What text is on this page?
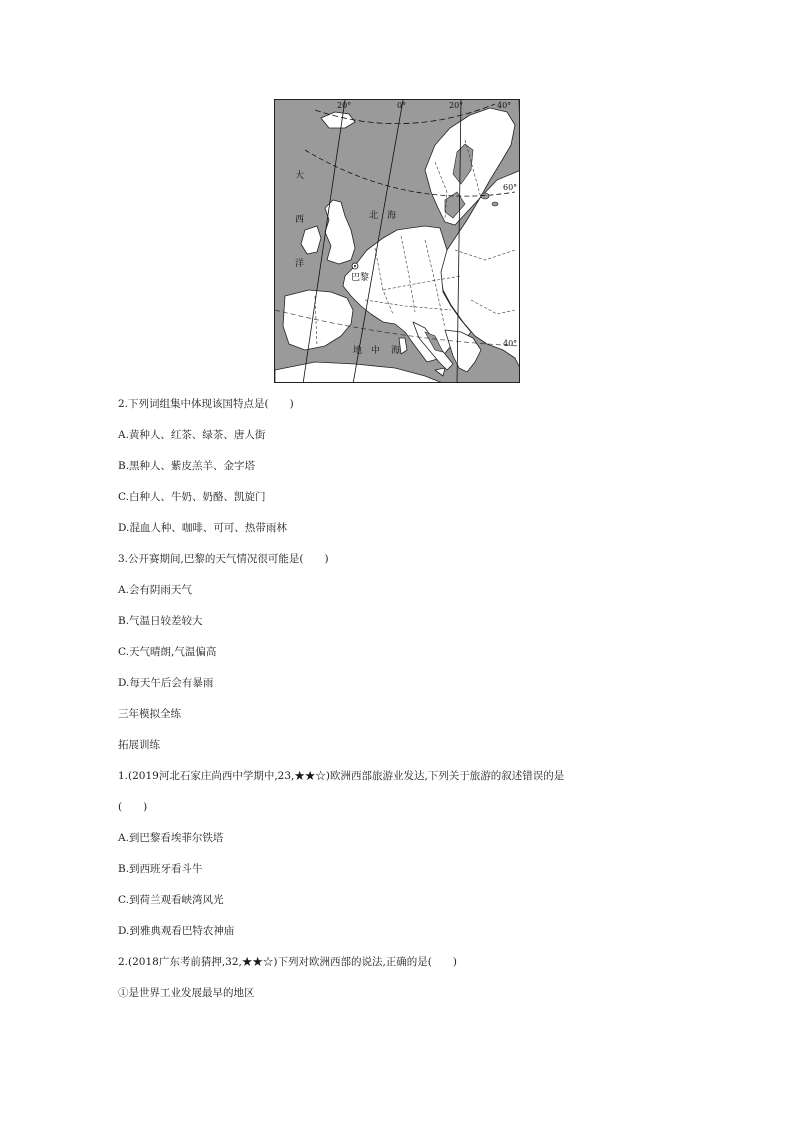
20°	0°	20°	40°
60°
40°
大
西
洋
北 海
地 中 海
巴黎
2.下列词组集中体现该国特点是(　　)
A.黄种人、红茶、绿茶、唐人街
B.黑种人、紫皮羔羊、金字塔
C.白种人、牛奶、奶酪、凯旋门
D.混血人种、咖啡、可可、热带雨林
3.公开赛期间,巴黎的天气情况很可能是(　　)
A.会有阴雨天气
B.气温日较差较大
C.天气晴朗,气温偏高
D.每天午后会有暴雨
三年模拟全练
拓展训练
1.(2019河北石家庄尚西中学期中,23,★★☆)欧洲西部旅游业发达,下列关于旅游的叙述错误的是
(　　)
A.到巴黎看埃菲尔铁塔
B.到西班牙看斗牛
C.到荷兰观看峡湾风光
D.到雅典观看巴特农神庙
2.(2018广东考前猜押,32,★★☆)下列对欧洲西部的说法,正确的是(　　)
①是世界工业发展最早的地区
